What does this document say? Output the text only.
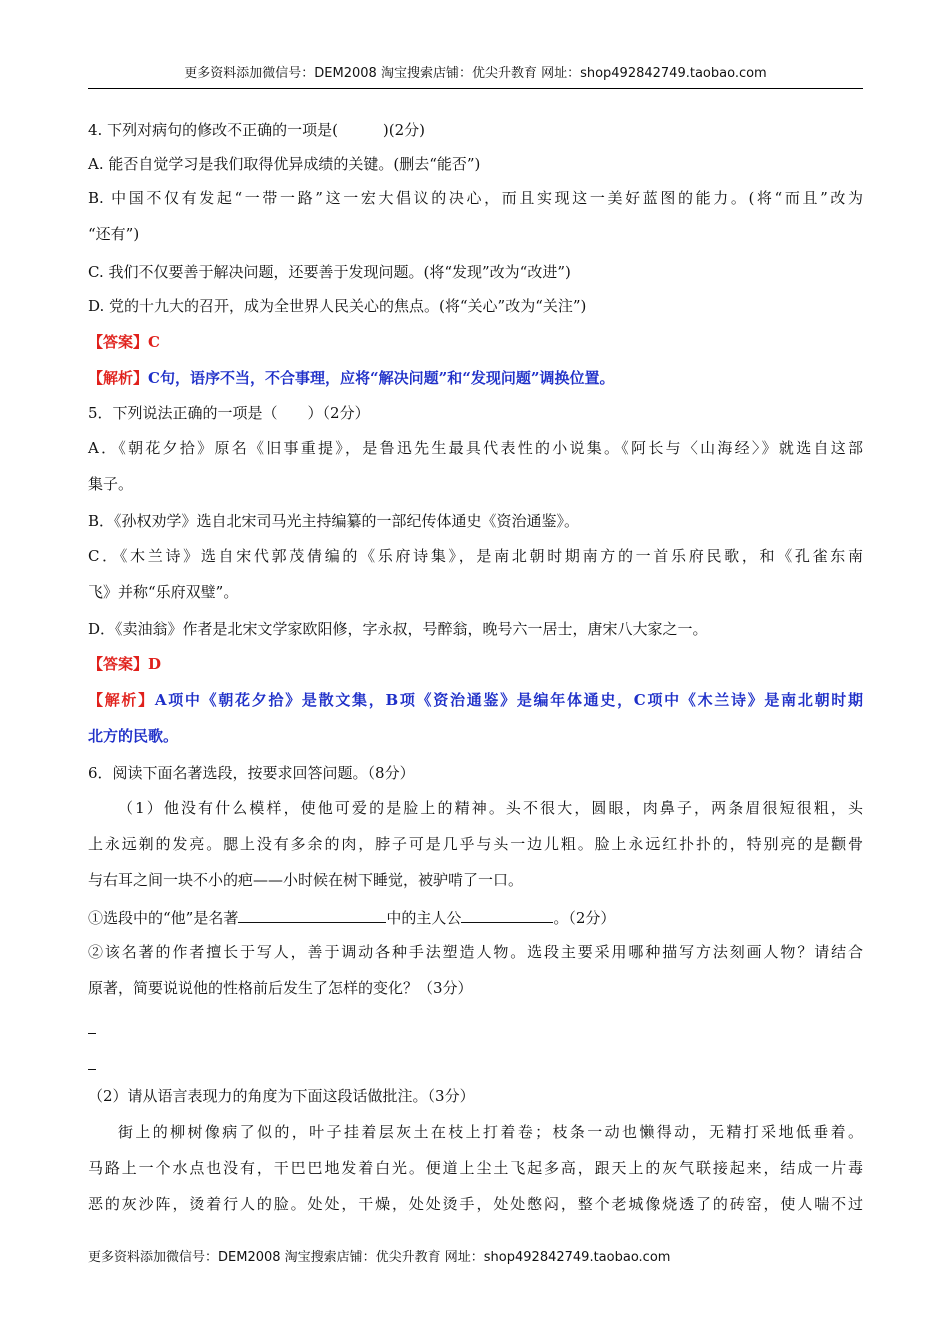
更多资料添加微信号：DEM2008 淘宝搜索店铺：优尖升教育 网址：shop492842749.taobao.com
4. 下列对病句的修改不正确的一项是(　　　)(2分)
A. 能否自觉学习是我们取得优异成绩的关键。(删去“能否”)
B. 中国不仅有发起“一带一路”这一宏大倡议的决心，而且实现这一美好蓝图的能力。(将“而且”改为
“还有”)
C. 我们不仅要善于解决问题，还要善于发现问题。(将“发现”改为“改进”)
D. 党的十九大的召开，成为全世界人民关心的焦点。(将“关心”改为“关注”)
【答案】C
【解析】C句，语序不当，不合事理，应将“解决问题”和“发现问题”调换位置。
5．下列说法正确的一项是（　　）（2分）
A．《朝花夕拾》原名《旧事重提》，是鲁迅先生最具代表性的小说集。《阿长与〈山海经〉》就选自这部
集子。
B．《孙权劝学》选自北宋司马光主持编纂的一部纪传体通史《资治通鉴》。
C．《木兰诗》选自宋代郭茂倩编的《乐府诗集》，是南北朝时期南方的一首乐府民歌，和《孔雀东南
飞》并称“乐府双璧”。
D．《卖油翁》作者是北宋文学家欧阳修，字永叔，号醉翁，晚号六一居士，唐宋八大家之一。
【答案】D
【解析】A项中《朝花夕拾》是散文集，B项《资治通鉴》是编年体通史，C项中《木兰诗》是南北朝时期
北方的民歌。
6．阅读下面名著选段，按要求回答问题。（8分）
（1）他没有什么模样，使他可爱的是脸上的精神。头不很大，圆眼，肉鼻子，两条眉很短很粗，头
上永远剃的发亮。腮上没有多余的肉，脖子可是几乎与头一边儿粗。脸上永远红扑扑的，特别亮的是颧骨
与右耳之间一块不小的疤——小时候在树下睡觉，被驴啃了一口。
①选段中的“他”是名著	中的主人公	。（2分）
②该名著的作者擅长于写人，善于调动各种手法塑造人物。选段主要采用哪种描写方法刻画人物？请结合
原著，简要说说他的性格前后发生了怎样的变化？（3分）
（2）请从语言表现力的角度为下面这段话做批注。（3分）
街上的柳树像病了似的，叶子挂着层灰土在枝上打着卷；枝条一动也懒得动，无精打采地低垂着。
马路上一个水点也没有，干巴巴地发着白光。便道上尘土飞起多高，跟天上的灰气联接起来，结成一片毒
恶的灰沙阵，烫着行人的脸。处处，干燥，处处烫手，处处憋闷，整个老城像烧透了的砖窑，使人喘不过
更多资料添加微信号：DEM2008 淘宝搜索店铺：优尖升教育 网址：shop492842749.taobao.com
